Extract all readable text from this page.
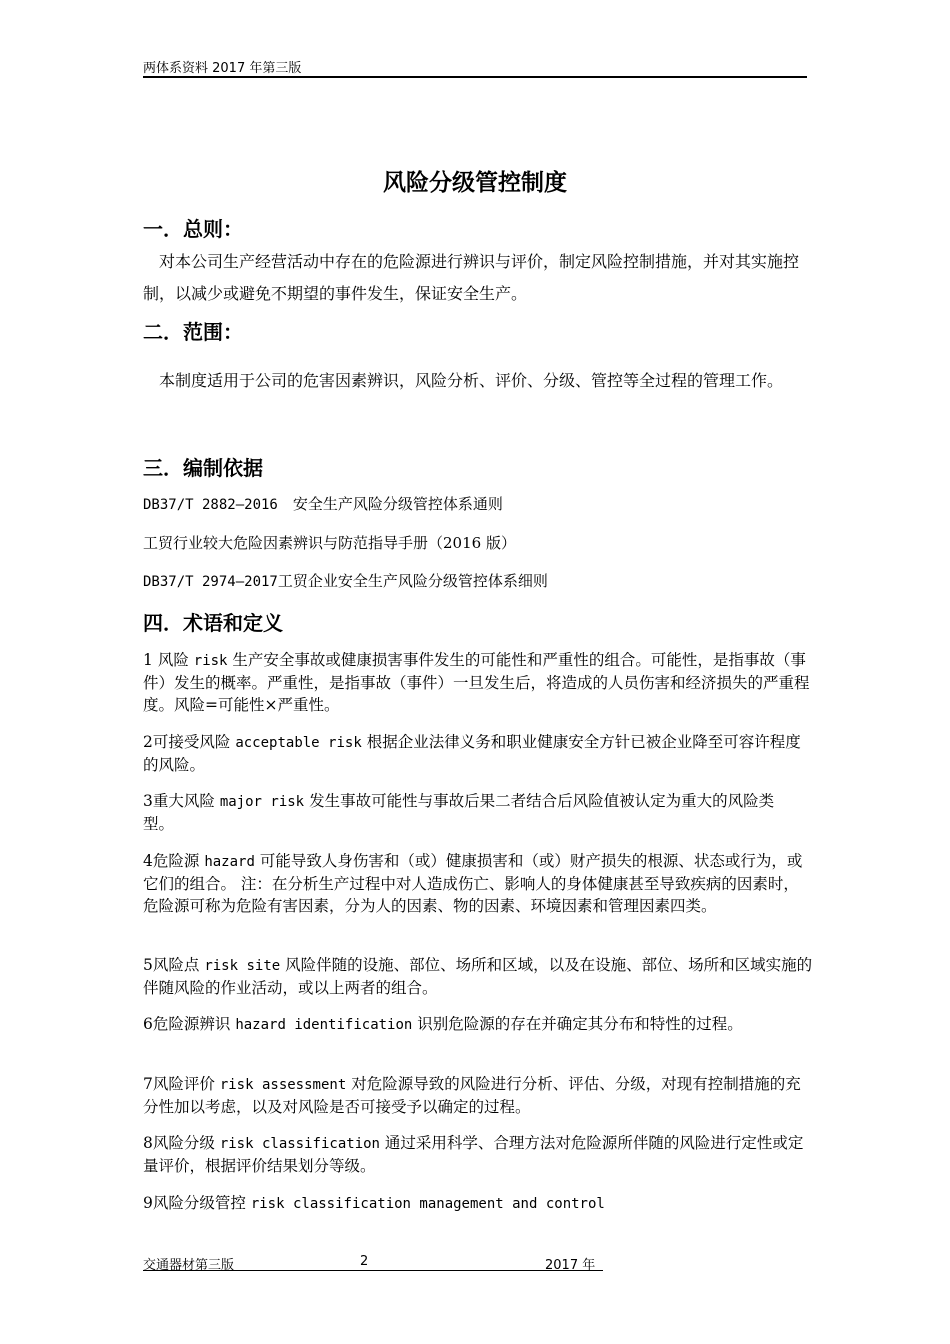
两体系资料 2017 年第三版
风险分级管控制度
一．总则：
　对本公司生产经营活动中存在的危险源进行辨识与评价，制定风险控制措施，并对其实施控制，以减少或避免不期望的事件发生，保证安全生产。
二．范围：
　本制度适用于公司的危害因素辨识，风险分析、评价、分级、管控等全过程的管理工作。
三．编制依据
DB37/T 2882—2016　安全生产风险分级管控体系通则
工贸行业较大危险因素辨识与防范指导手册（2016 版）
DB37/T 2974—2017工贸企业安全生产风险分级管控体系细则
四．术语和定义
1 风险 risk 生产安全事故或健康损害事件发生的可能性和严重性的组合。可能性，是指事故（事件）发生的概率。严重性，是指事故（事件）一旦发生后，将造成的人员伤害和经济损失的严重程度。风险=可能性×严重性。
2可接受风险 acceptable risk 根据企业法律义务和职业健康安全方针已被企业降至可容许程度的风险。
3重大风险 major risk 发生事故可能性与事故后果二者结合后风险值被认定为重大的风险类型。
4危险源 hazard 可能导致人身伤害和（或）健康损害和（或）财产损失的根源、状态或行为，或它们的组合。 注：在分析生产过程中对人造成伤亡、影响人的身体健康甚至导致疾病的因素时，危险源可称为危险有害因素，分为人的因素、物的因素、环境因素和管理因素四类。
5风险点 risk site 风险伴随的设施、部位、场所和区域，以及在设施、部位、场所和区域实施的伴随风险的作业活动，或以上两者的组合。
6危险源辨识 hazard identification 识别危险源的存在并确定其分布和特性的过程。
7风险评价 risk assessment 对危险源导致的风险进行分析、评估、分级，对现有控制措施的充分性加以考虑，以及对风险是否可接受予以确定的过程。
8风险分级 risk classification 通过采用科学、合理方法对危险源所伴随的风险进行定性或定量评价，根据评价结果划分等级。
9风险分级管控 risk classification management and control
交通器材第三版	2	2017 年
